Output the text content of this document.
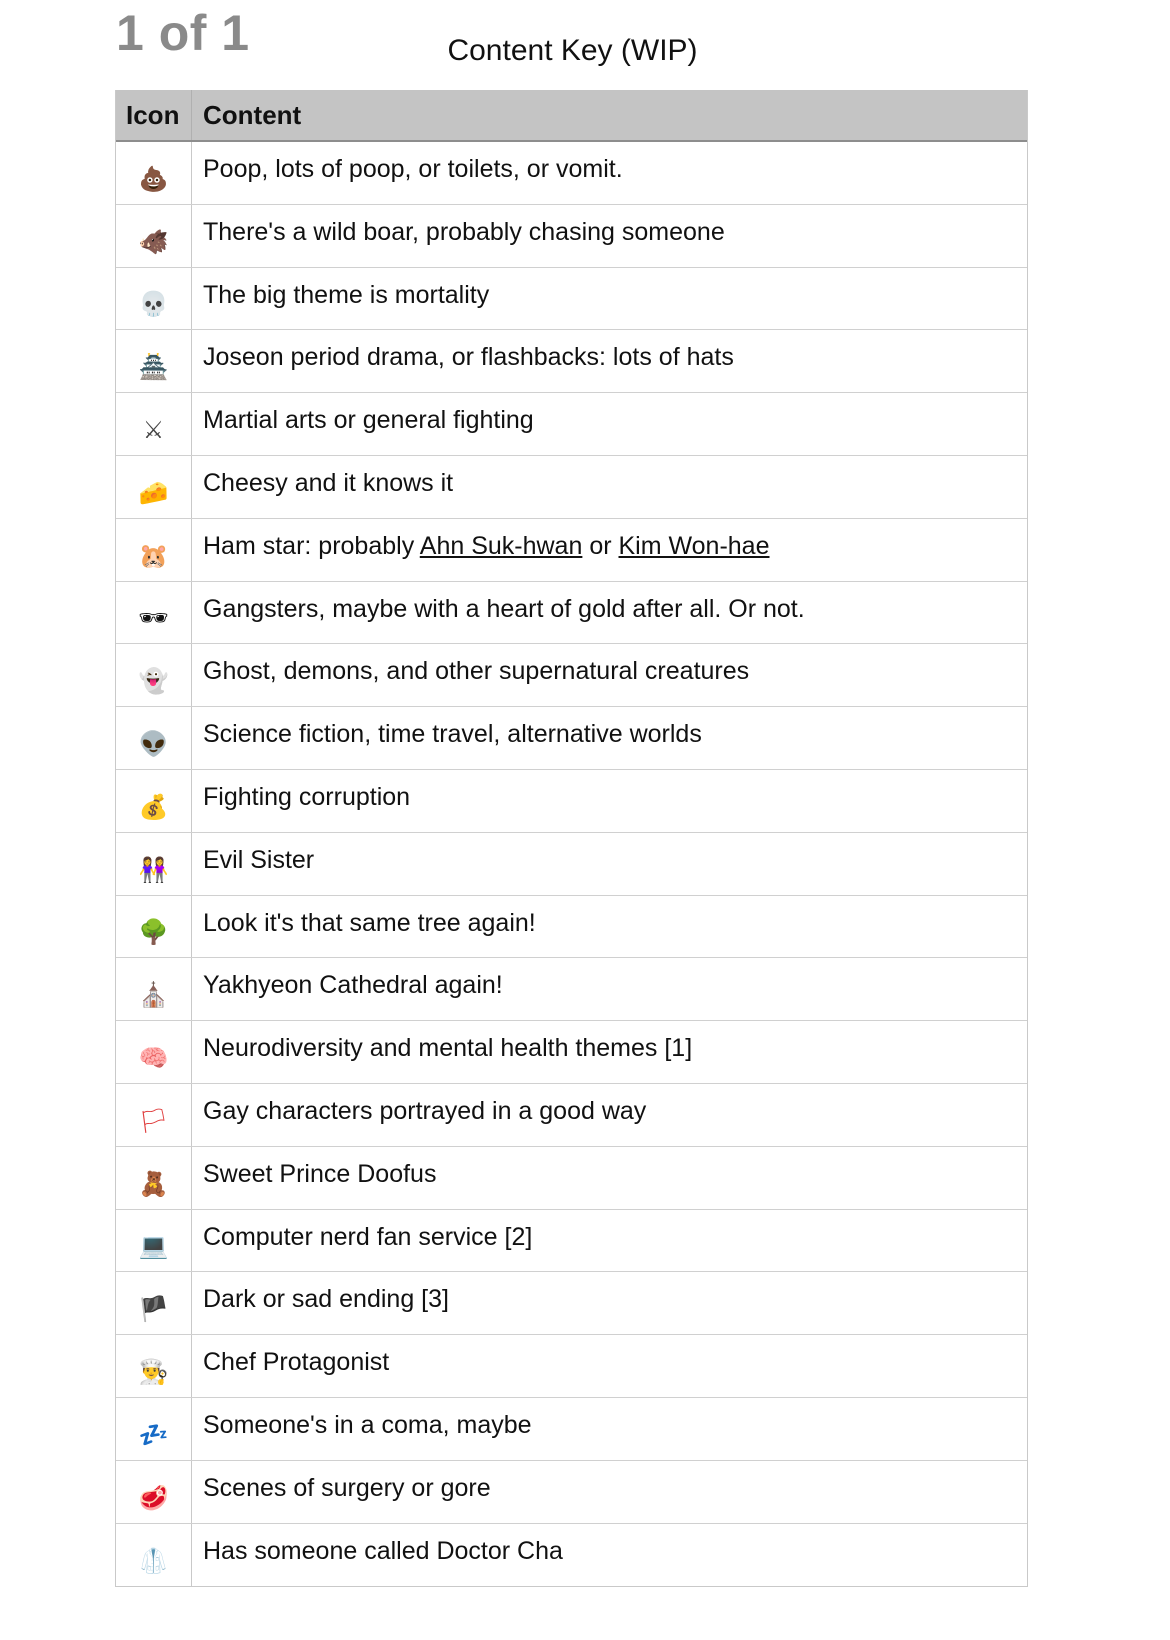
1 of 1	Content Key (WIP)
Icon Content
💩	Poop, lots of poop, or toilets, or vomit.
🐗	There's a wild boar, probably chasing someone
💀	The big theme is mortality
🏯	Joseon period drama, or flashbacks: lots of hats
⚔	Martial arts or general fighting
🧀	Cheesy and it knows it
🐹	Ham star: probably Ahn Suk-hwan or Kim Won-hae
🕶	Gangsters, maybe with a heart of gold after all. Or not.
👻	Ghost, demons, and other supernatural creatures
👽	Science fiction, time travel, alternative worlds
💰	Fighting corruption
👭	Evil Sister
🌳	Look it's that same tree again!
⛪	Yakhyeon Cathedral again!
🧠	Neurodiversity and mental health themes [1]
🏳	Gay characters portrayed in a good way
🧸	Sweet Prince Doofus
💻	Computer nerd fan service [2]
🏴	Dark or sad ending [3]
👨‍🍳	Chef Protagonist
💤	Someone's in a coma, maybe
🥩	Scenes of surgery or gore
🥼	Has someone called Doctor Cha
